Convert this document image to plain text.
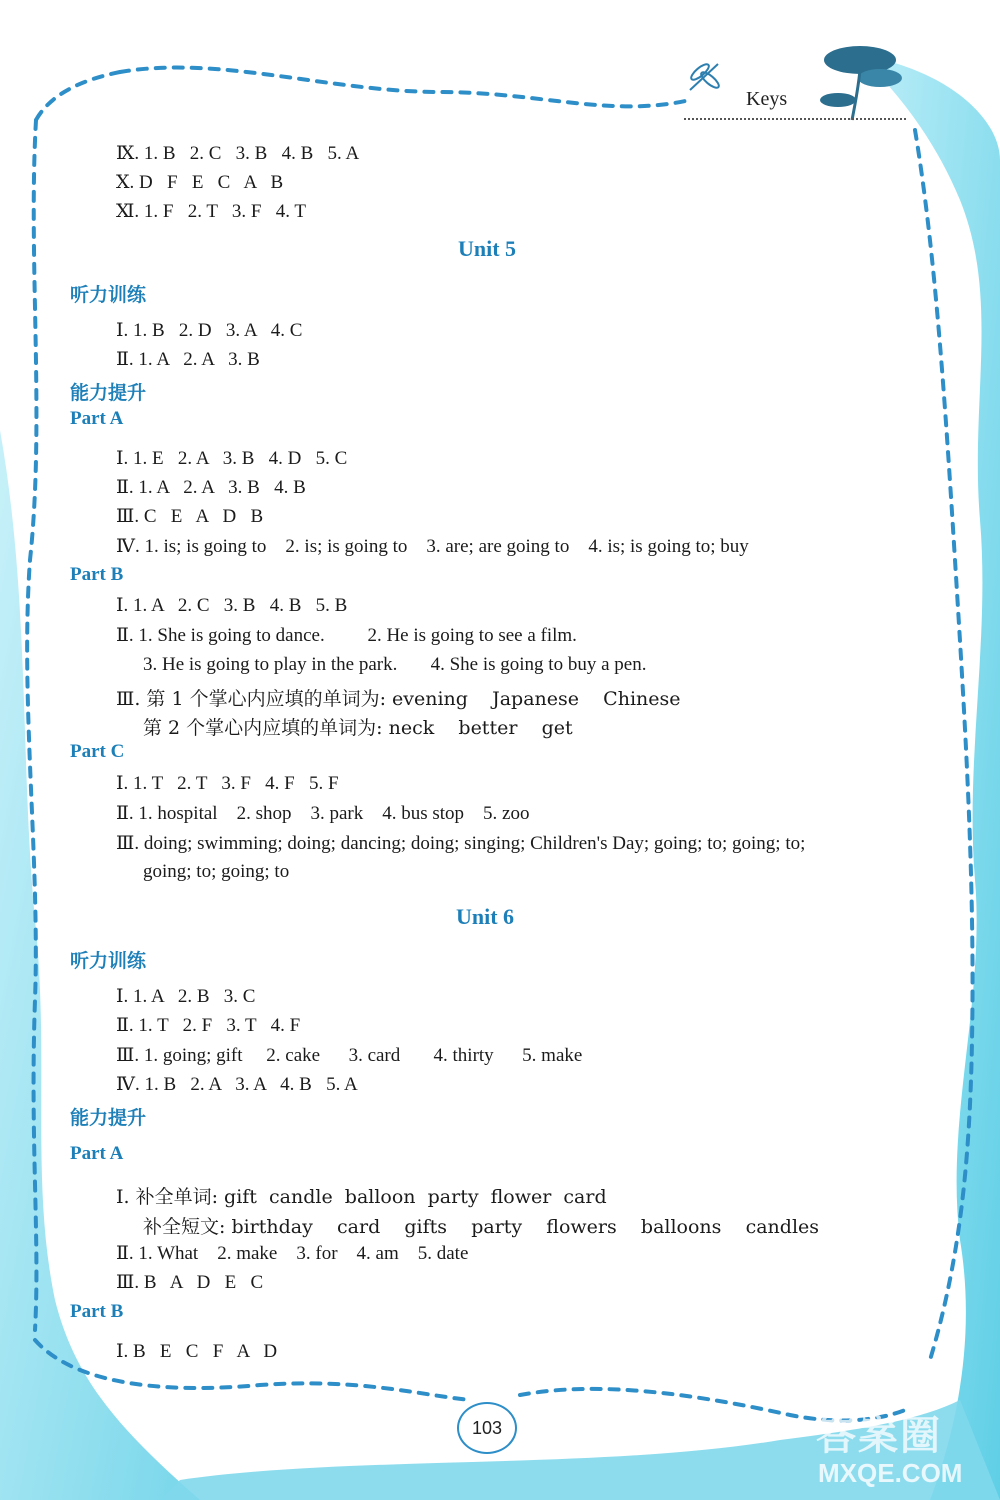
Keys
Ⅸ. 1. B   2. C   3. B   4. B   5. A
Ⅹ. D   F   E   C   A   B
Ⅺ. 1. F   2. T   3. F   4. T
Unit 5
听力训练
Ⅰ. 1. B   2. D   3. A   4. C
Ⅱ. 1. A   2. A   3. B
能力提升
Part A
Ⅰ. 1. E   2. A   3. B   4. D   5. C
Ⅱ. 1. A   2. A   3. B   4. B
Ⅲ. C   E   A   D   B
Ⅳ. 1. is; is going to    2. is; is going to    3. are; are going to    4. is; is going to; buy
Part B
Ⅰ. 1. A   2. C   3. B   4. B   5. B
Ⅱ. 1. She is going to dance.         2. He is going to see a film.
3. He is going to play in the park.       4. She is going to buy a pen.
Ⅲ. 第 1 个掌心内应填的单词为: evening    Japanese    Chinese
第 2 个掌心内应填的单词为: neck    better    get
Part C
Ⅰ. 1. T   2. T   3. F   4. F   5. F
Ⅱ. 1. hospital    2. shop    3. park    4. bus stop    5. zoo
Ⅲ. doing; swimming; doing; dancing; doing; singing; Children's Day; going; to; going; to;
going; to; going; to
Unit 6
听力训练
Ⅰ. 1. A   2. B   3. C
Ⅱ. 1. T   2. F   3. T   4. F
Ⅲ. 1. going; gift     2. cake      3. card       4. thirty      5. make
Ⅳ. 1. B   2. A   3. A   4. B   5. A
能力提升
Part A
Ⅰ. 补全单词: gift  candle  balloon  party  flower  card
补全短文: birthday    card    gifts    party    flowers    balloons    candles
Ⅱ. 1. What    2. make    3. for    4. am    5. date
Ⅲ. B   A   D   E   C
Part B
Ⅰ. B   E   C   F   A   D
103	答案圈
MXQE.COM
